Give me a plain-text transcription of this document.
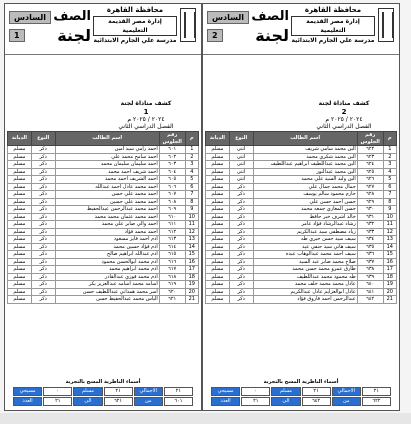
محافظة القاهرة
إدارة مصر القديمة التعليمية
مدرسة علي الجارم الابتدائية
الصف
السادس
لجنة
2
كشف مناداة لجنة
2
٢٠٢٤ / ٢٠٢٥ م
الفصل الدراسي الثاني
م	رقم الجلوس	اسم الطالب	النوع	الديانة
1	٦٢٢	الين محمد سامي شريف	أنثى	مسلم
2	٦٢٣	الين محمد شكري محمد	أنثى	مسلم
3	٦٢٤	الين محمد عبداللطيف ابراهيم عبداللطيف	أنثى	مسلم
4	٦٢٥	الين محمد عبدالنور	أنثى	مسلم
5	٦٢٦	الين وليد السيد علي محمد	أنثى	مسلم
6	٦٢٧	جمال محمد جمال علي	ذكر	مسلم
7	٦٢٨	حازم محمود سالم يوسف	ذكر	مسلم
8	٦٢٩	حسن احمد حسن علي	ذكر	مسلم
9	٦٣٠	حسن المغازي جمعه محمد	ذكر	مسلم
10	٦٣١	خالد اشرف خير حافظ	ذكر	مسلم
11	٦٣٢	رشاد عبدالرشاد فؤاد عامر	ذكر	مسلم
12	٦٣٣	زياد مصطفى سيد عبدالكريم	ذكر	مسلم
13	٦٣٤	سيف سيد حسن خيري طه	ذكر	مسلم
14	٦٣٥	سيف هاني سيد حنفي عيد	ذكر	مسلم
15	٦٣٦	سيف احمد محمد عبدالوهاب عبده	ذكر	مسلم
16	٦٣٧	صلاح محمد صابر عبد السيد	ذكر	مسلم
17	٦٣٨	طارق عمرو محمد حسن محمد	ذكر	مسلم
18	٦٣٩	طه محمود محمد عبداللطيف	ذكر	مسلم
19	٦٤٠	عادل محمد محمد خلف محمد	ذكر	مسلم
20	٦٤١	عادل ابوالعزايم عادل عبدالكريم	ذكر	مسلم
21	٦٤٢	عبدالرحمن احمد فاروق فؤاد	ذكر	مسلم
أسماء الناظرية المسح بالتجربة
٢١
الاجمالي
٢١
مسلم
٠
مسيحي
٦٢٢
من
٦٤٢
الى
٢١
العدد
محافظة القاهرة
إدارة مصر القديمة التعليمية
مدرسة علي الجارم الابتدائية
الصف
السادس
لجنة
1
كشف مناداة لجنة
1
٢٠٢٤ / ٢٠٢٥ م
الفصل الدراسي الثاني
م	رقم الجلوس	اسم الطالب	النوع	الديانة
1	٦٠١	احمد رامي سيد امين	ذكر	مسلم
2	٦٠٢	احمد سامح محمد علي	ذكر	مسلم
3	٦٠٣	احمد سليمان سليمان محمد	ذكر	مسلم
4	٦٠٤	احمد شريف احمد محمد	ذكر	مسلم
5	٦٠٥	احمد الشريف احمد محمد	ذكر	مسلم
6	٦٠٦	احمد محمد عادل احمد عبدالله	ذكر	مسلم
7	٦٠٧	احمد محمد علي حسن	ذكر	مسلم
8	٦٠٨	احمد محمد علي حسين	ذكر	مسلم
9	٦٠٩	احمد محمد عبدالرحمن عبدالحفيظ	ذكر	مسلم
10	٦١٠	احمد محمد عثمان محمد محمد	ذكر	مسلم
11	٦١١	احمد والي صابر علي محمد	ذكر	مسلم
12	٦١٢	احمد محمد فؤاد	ذكر	مسلم
13	٦١٣	ادم احمد فايز مسعود	ذكر	مسلم
14	٦١٤	ادم فؤاد حسين محمد	ذكر	مسلم
15	٦١٥	ادم عبدالله ابراهيم صالح	ذكر	مسلم
16	٦١٦	ادم محمد ابوالحسن محمود	ذكر	مسلم
17	٦١٧	ادم محمد ابراهيم محمد	ذكر	مسلم
18	٦١٨	ادم محمد فوزي عبدالقادر	ذكر	مسلم
19	٦١٩	اسامه محمد اسامه عبدالعزيز بكر	ذكر	مسلم
20	٦٢٠	اسر محمد همداني عبداللطيف حسن	ذكر	مسلم
21	٦٢١	الياس محمد عبدالحفيظ حسن	ذكر	مسلم
أسماء الناظرية المسح بالتجربة
٢١
الاجمالي
٢١
مسلم
٠
مسيحي
٦٠١
من
٦٢١
الى
٢١
العدد
